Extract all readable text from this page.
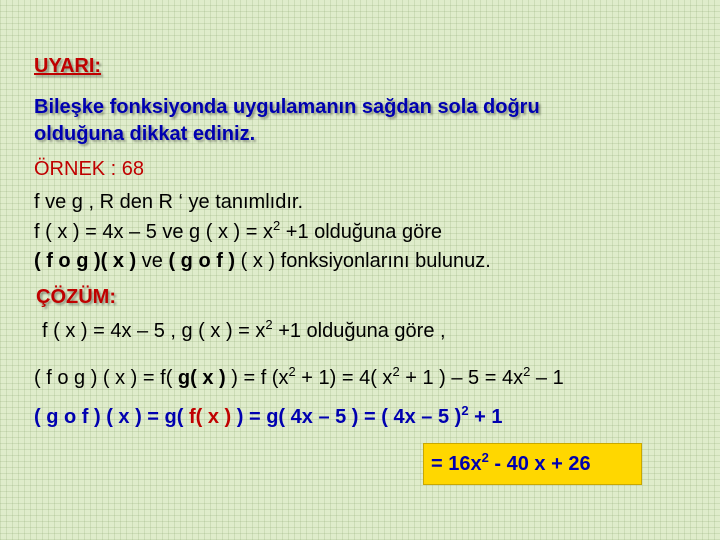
UYARI:
Bileşke fonksiyonda uygulamanın sağdan sola doğru
olduğuna dikkat ediniz.
ÖRNEK : 68
f ve g , R den R ‘ ye tanımlıdır.
f ( x ) = 4x – 5 ve g ( x ) = $x^2 +1$ olduğuna göre
( f o g )( x ) ve ( g o f ) ( x ) fonksiyonlarını bulunuz.
ÇÖZÜM:
f ( x ) = 4x – 5 , g ( x ) = $x^2 +1$ olduğuna göre ,
( f o g ) ( x ) = f( g( x ) ) = f $(x^2 + 1) = 4$( $x^2 + 1$ ) – $5 = 4x^2 - 1$
( g o f ) ( x ) = g( f( x ) ) = g( 4x – 5 ) = ( 4x – 5 )$^2$ + 1
= $16x^2 - 40$ x + 26
